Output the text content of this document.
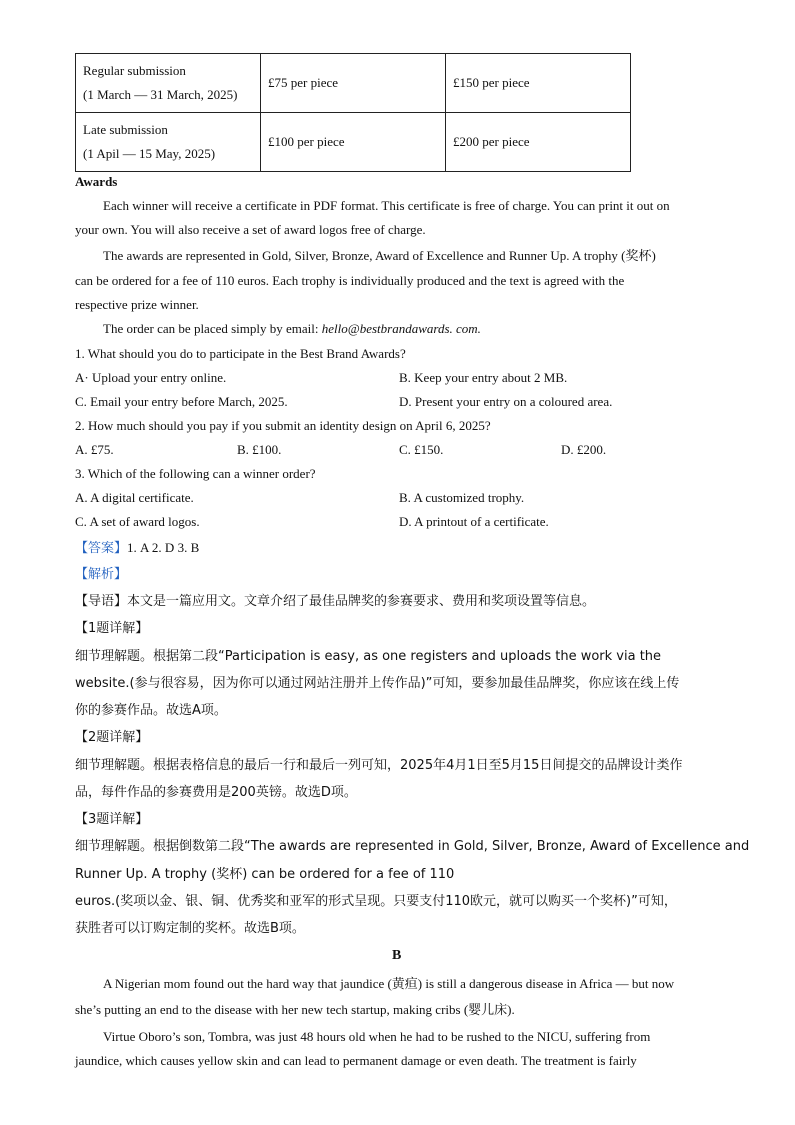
Regular submission
(1 March — 31 March, 2025)	£75 per piece	£150 per piece

Late submission
(1 Apil — 15 May, 2025)	£100 per piece	£200 per piece
Awards
Each winner will receive a certificate in PDF format. This certificate is free of charge. You can print it out on
your own. You will also receive a set of award logos free of charge.
The awards are represented in Gold, Silver, Bronze, Award of Excellence and Runner Up. A trophy (奖杯)
can be ordered for a fee of 110 euros. Each trophy is individually produced and the text is agreed with the
respective prize winner.
The order can be placed simply by email: hello@bestbrandawards. com.
1. What should you do to participate in the Best Brand Awards?
A· Upload your entry online.	B. Keep your entry about 2 MB.
C. Email your entry before March, 2025.	D. Present your entry on a coloured area.
2. How much should you pay if you submit an identity design on April 6, 2025?
A. £75.	B. £100.	C. £150.	D. £200.
3. Which of the following can a winner order?
A. A digital certificate.	B. A customized trophy.
C. A set of award logos.	D. A printout of a certificate.
【答案】1. A 2. D 3. B
【解析】
【导语】本文是一篇应用文。文章介绍了最佳品牌奖的参赛要求、费用和奖项设置等信息。
【1题详解】
细节理解题。根据第二段“Participation is easy, as one registers and uploads the work via the
website.(参与很容易，因为你可以通过网站注册并上传作品)”可知，要参加最佳品牌奖，你应该在线上传
你的参赛作品。故选A项。
【2题详解】
细节理解题。根据表格信息的最后一行和最后一列可知，2025年4月1日至5月15日间提交的品牌设计类作
品，每件作品的参赛费用是200英镑。故选D项。
【3题详解】
细节理解题。根据倒数第二段“The awards are represented in Gold, Silver, Bronze, Award of Excellence and
Runner Up. A trophy (奖杯) can be ordered for a fee of 110
euros.(奖项以金、银、铜、优秀奖和亚军的形式呈现。只要支付110欧元，就可以购买一个奖杯)”可知，
获胜者可以订购定制的奖杯。故选B项。
B
A Nigerian mom found out the hard way that jaundice (黄疸) is still a dangerous disease in Africa — but now
she’s putting an end to the disease with her new tech startup, making cribs (婴儿床).
Virtue Oboro’s son, Tombra, was just 48 hours old when he had to be rushed to the NICU, suffering from
jaundice, which causes yellow skin and can lead to permanent damage or even death. The treatment is fairly
